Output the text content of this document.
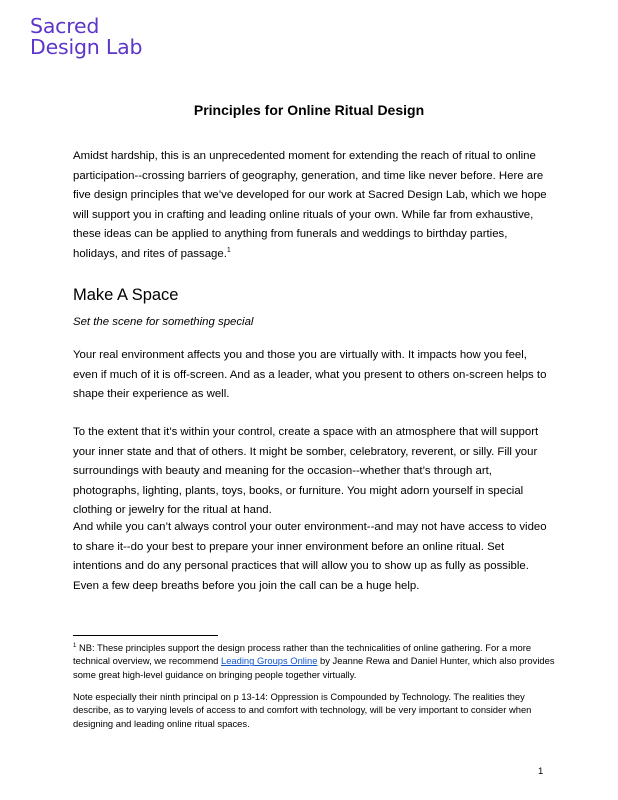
Sacred
Design Lab
Principles for Online Ritual Design

Amidst hardship, this is an unprecedented moment for extending the reach of ritual to online participation--crossing barriers of geography, generation, and time like never before. Here are five design principles that we’ve developed for our work at Sacred Design Lab, which we hope will support you in crafting and leading online rituals of your own. While far from exhaustive, these ideas can be applied to anything from funerals and weddings to birthday parties, holidays, and rites of passage.$^1$

Make A Space

Set the scene for something special

Your real environment affects you and those you are virtually with. It impacts how you feel, even if much of it is off-screen. And as a leader, what you present to others on-screen helps to shape their experience as well.

To the extent that it’s within your control, create a space with an atmosphere that will support your inner state and that of others. It might be somber, celebratory, reverent, or silly. Fill your surroundings with beauty and meaning for the occasion--whether that’s through art, photographs, lighting, plants, toys, books, or furniture. You might adorn yourself in special clothing or jewelry for the ritual at hand.

And while you can’t always control your outer environment--and may not have access to video to share it--do your best to prepare your inner environment before an online ritual. Set intentions and do any personal practices that will allow you to show up as fully as possible. Even a few deep breaths before you join the call can be a huge help.

$^1$ NB: These principles support the design process rather than the technicalities of online gathering. For a more technical overview, we recommend Leading Groups Online by Jeanne Rewa and Daniel Hunter, which also provides some great high-level guidance on bringing people together virtually.

Note especially their ninth principal on p 13-14: Oppression is Compounded by Technology. The realities they describe, as to varying levels of access to and comfort with technology, will be very important to consider when designing and leading online ritual spaces.

1
